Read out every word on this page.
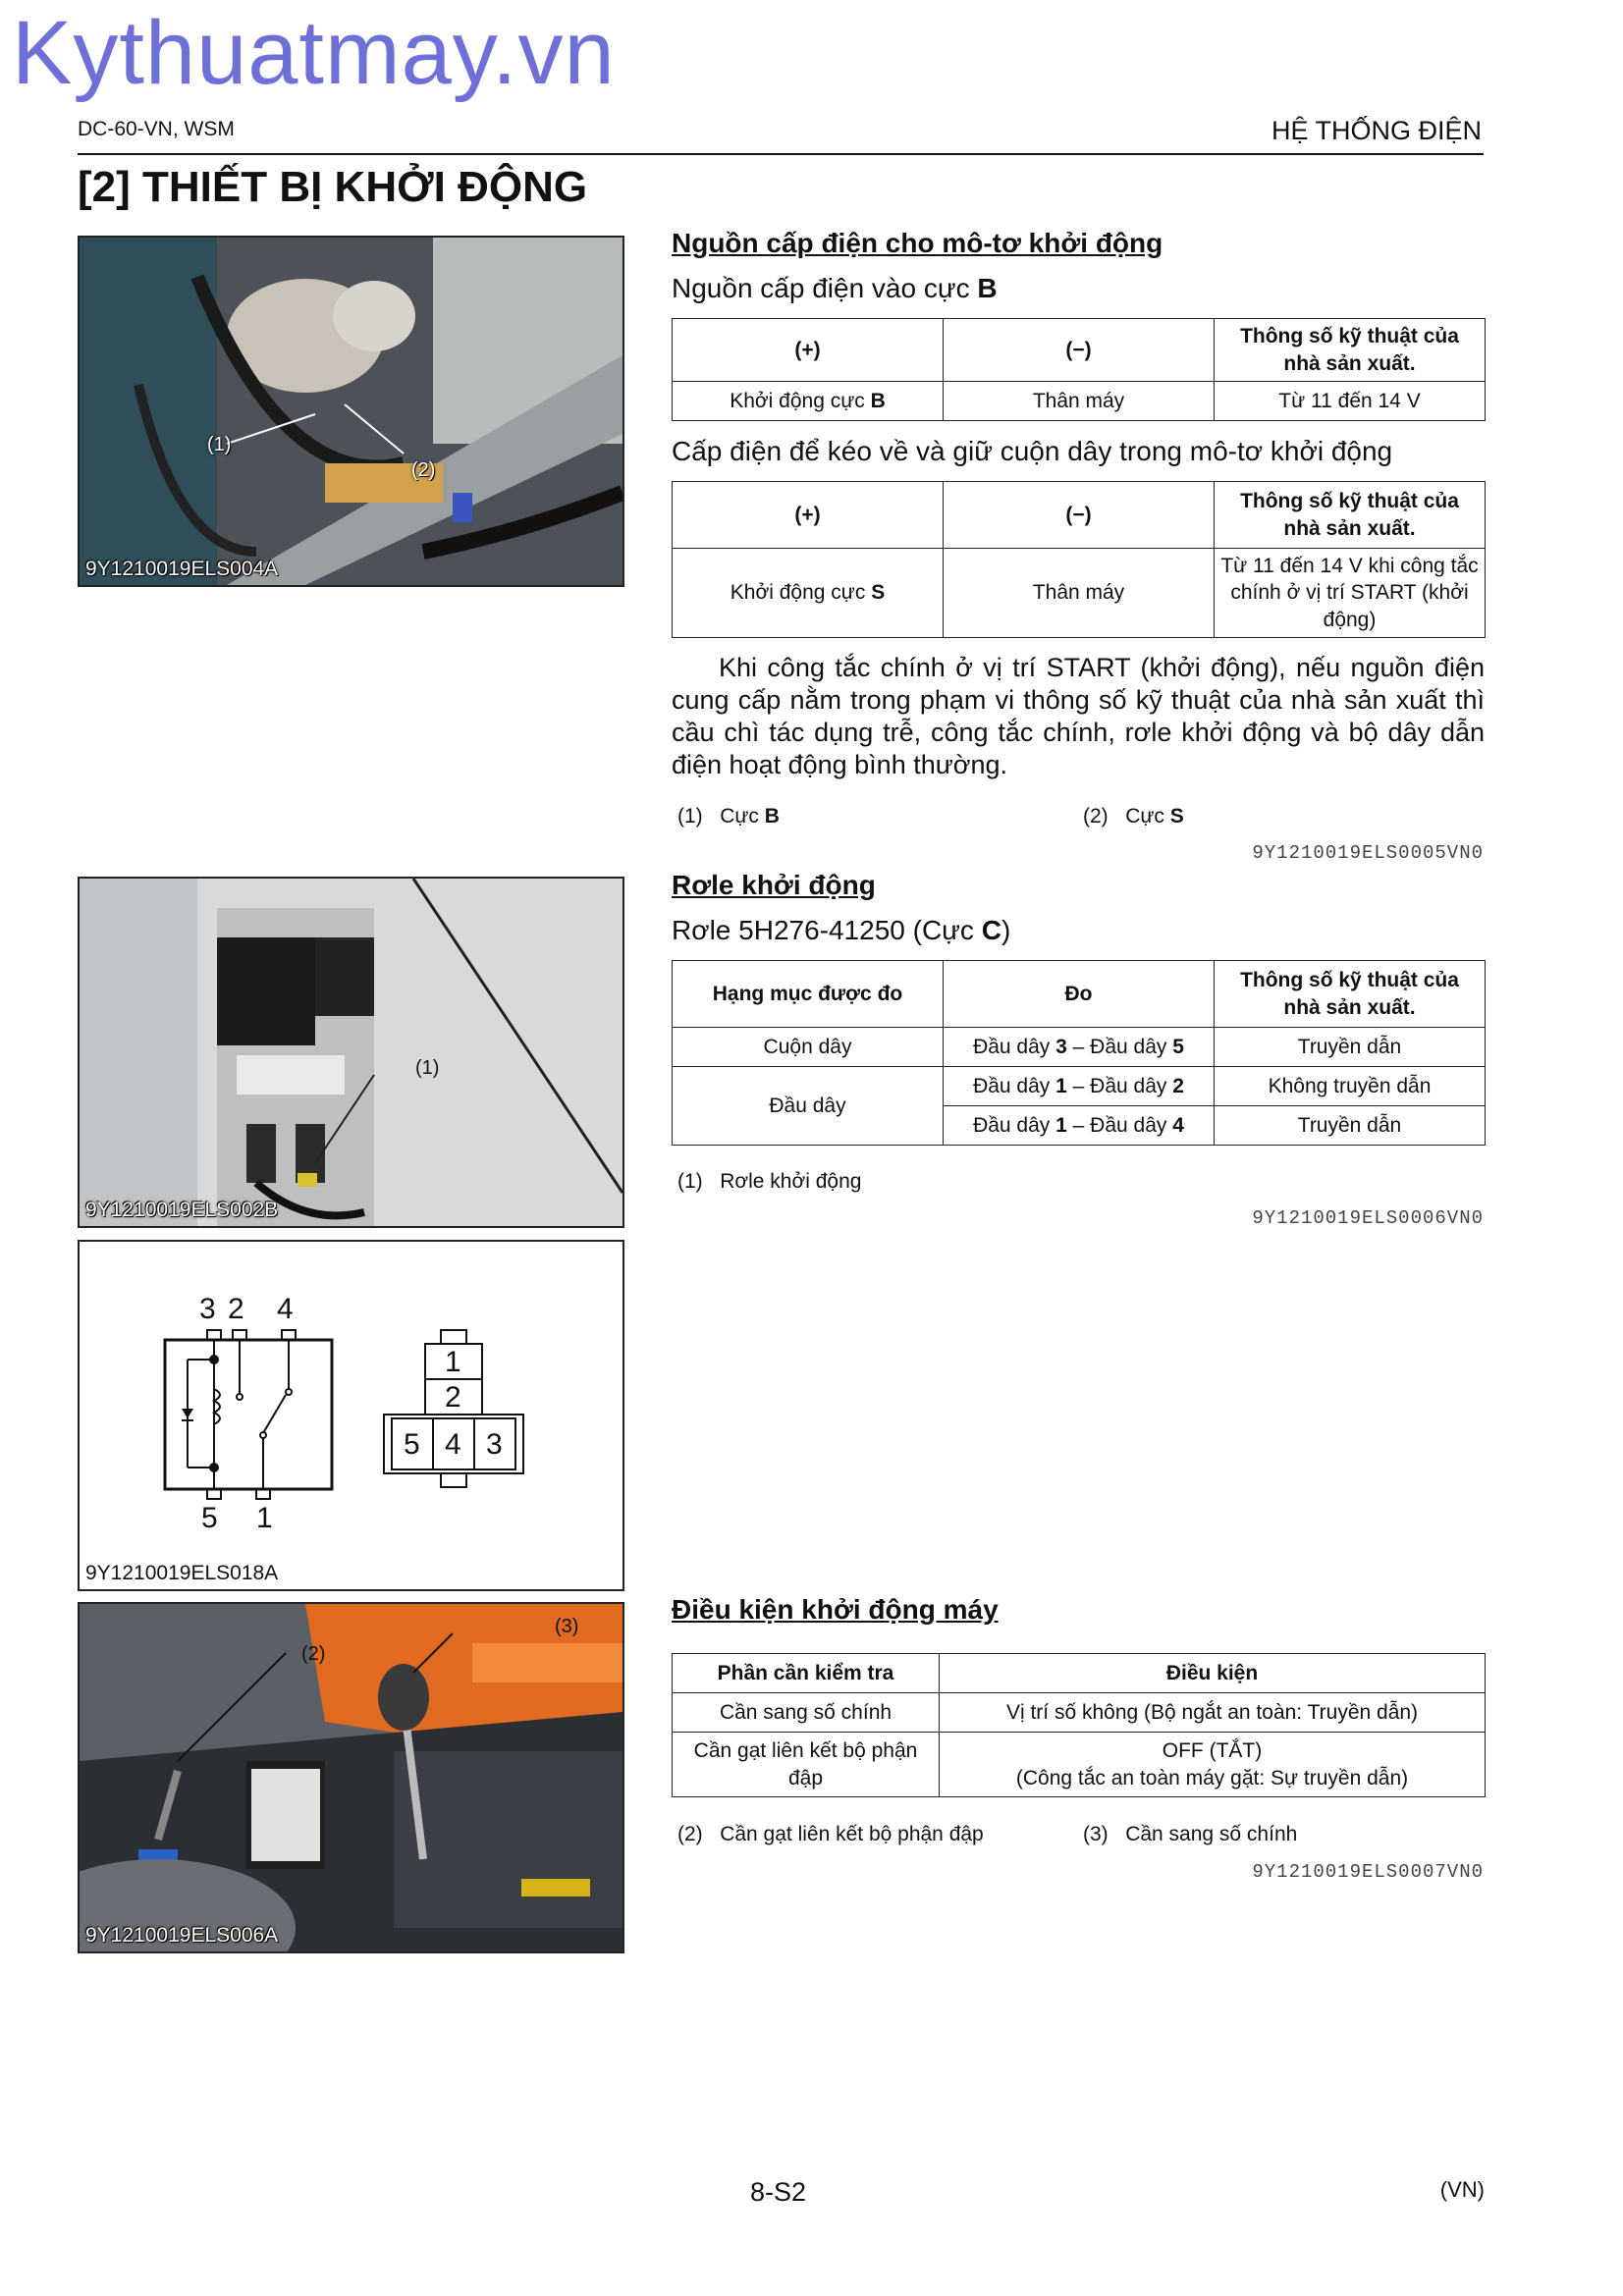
Kythuatmay.vn
DC-60-VN, WSM	HỆ THỐNG ĐIỆN
[2] THIẾT BỊ KHỞI ĐỘNG
(1)
(2)
9Y1210019ELS004A
(1)
9Y1210019ELS002B
3 2 4
5 1
1
2
5 4 3
9Y1210019ELS018A
(2)
(3)
9Y1210019ELS006A
Nguồn cấp điện cho mô-tơ khởi động
Nguồn cấp điện vào cực B
(+)	(−)	Thông số kỹ thuật của nhà sản xuất.
Khởi động cực B	Thân máy	Từ 11 đến 14 V
Cấp điện để kéo về và giữ cuộn dây trong mô-tơ khởi động
(+)	(−)	Thông số kỹ thuật của nhà sản xuất.
Khởi động cực S	Thân máy	Từ 11 đến 14 V khi công tắc chính ở vị trí START (khởi động)
Khi công tắc chính ở vị trí START (khởi động), nếu nguồn điện cung cấp nằm trong phạm vi thông số kỹ thuật của nhà sản xuất thì cầu chì tác dụng trễ, công tắc chính, rơle khởi động và bộ dây dẫn điện hoạt động bình thường.
(1) Cực B	(2) Cực S
9Y1210019ELS0005VN0
Rơle khởi động
Rơle 5H276-41250 (Cực C)
Hạng mục được đo	Đo	Thông số kỹ thuật của nhà sản xuất.
Cuộn dây	Đầu dây 3 – Đầu dây 5	Truyền dẫn
Đầu dây	Đầu dây 1 – Đầu dây 2	Không truyền dẫn
	Đầu dây 1 – Đầu dây 4	Truyền dẫn
(1) Rơle khởi động
9Y1210019ELS0006VN0
Điều kiện khởi động máy
Phần cần kiểm tra	Điều kiện
Cần sang số chính	Vị trí số không (Bộ ngắt an toàn: Truyền dẫn)
Cần gạt liên kết bộ phận đập	OFF (TẮT)
(Công tắc an toàn máy gặt: Sự truyền dẫn)
(2) Cần gạt liên kết bộ phận đập	(3) Cần sang số chính
9Y1210019ELS0007VN0
8-S2	(VN)
